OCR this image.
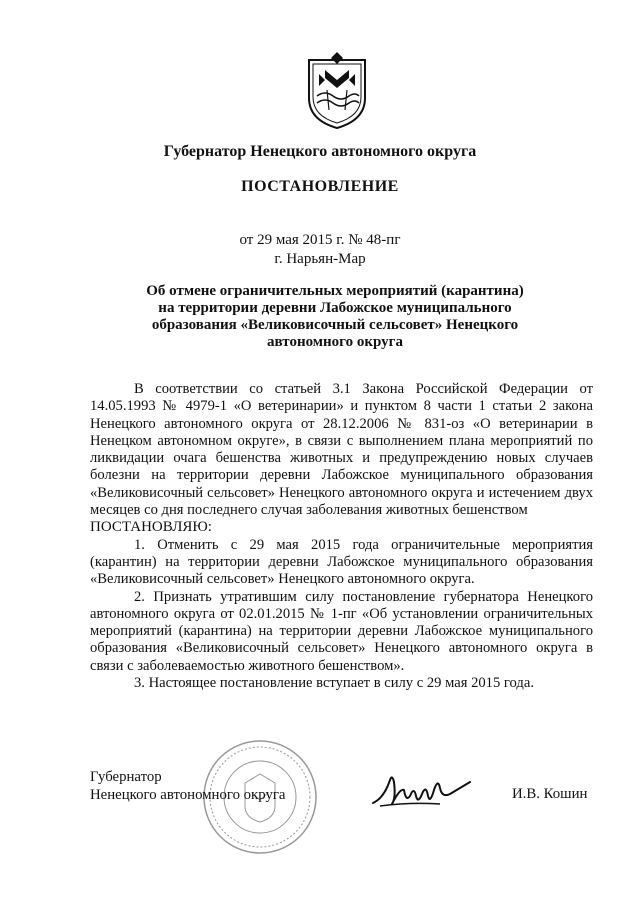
Губернатор Ненецкого автономного округа
ПОСТАНОВЛЕНИЕ
от 29 мая 2015 г. № 48-пг
г. Нарьян-Мар
Об отмене ограничительных мероприятий (карантина) на территории деревни Лабожское муниципального образования «Великовисочный сельсовет» Ненецкого автономного округа
В соответствии со статьей 3.1 Закона Российской Федерации от 14.05.1993 № 4979-1 «О ветеринарии» и пунктом 8 части 1 статьи 2 закона Ненецкого автономного округа от 28.12.2006 № 831-оз «О ветеринарии в Ненецком автономном округе», в связи с выполнением плана мероприятий по ликвидации очага бешенства животных и предупреждению новых случаев болезни на территории деревни Лабожское муниципального образования «Великовисочный сельсовет» Ненецкого автономного округа и истечением двух месяцев со дня последнего случая заболевания животных бешенством
ПОСТАНОВЛЯЮ:
1. Отменить с 29 мая 2015 года ограничительные мероприятия (карантин) на территории деревни Лабожское муниципального образования «Великовисочный сельсовет» Ненецкого автономного округа.
2. Признать утратившим силу постановление губернатора Ненецкого автономного округа от 02.01.2015 № 1-пг «Об установлении ограничительных мероприятий (карантина) на территории деревни Лабожское муниципального образования «Великовисочный сельсовет» Ненецкого автономного округа в связи с заболеваемостью животного бешенством».
3. Настоящее постановление вступает в силу с 29 мая 2015 года.
Губернатор
Ненецкого автономного округа	И.В. Кошин
